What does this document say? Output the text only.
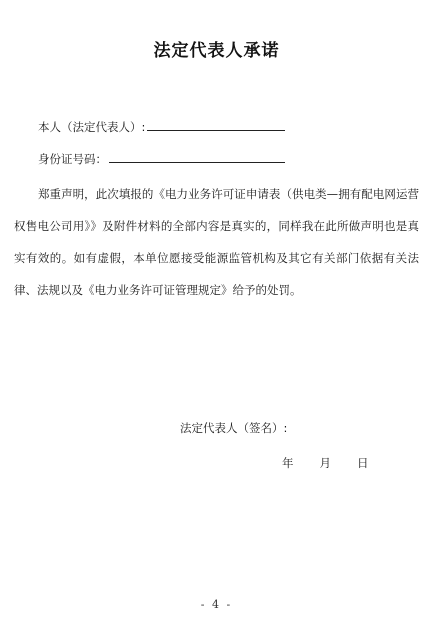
法定代表人承诺
本人（法定代表人）:
身份证号码：

郑重声明，此次填报的《电力业务许可证申请表（供电类—拥有配电网运营权售电公司用》》及附件材料的全部内容是真实的，同样我在此所做声明也是真实有效的。如有虚假，本单位愿接受能源监管机构及其它有关部门依据有关法律、法规以及《电力业务许可证管理规定》给予的处罚。

法定代表人（签名）:
年 月 日
- 4 -
